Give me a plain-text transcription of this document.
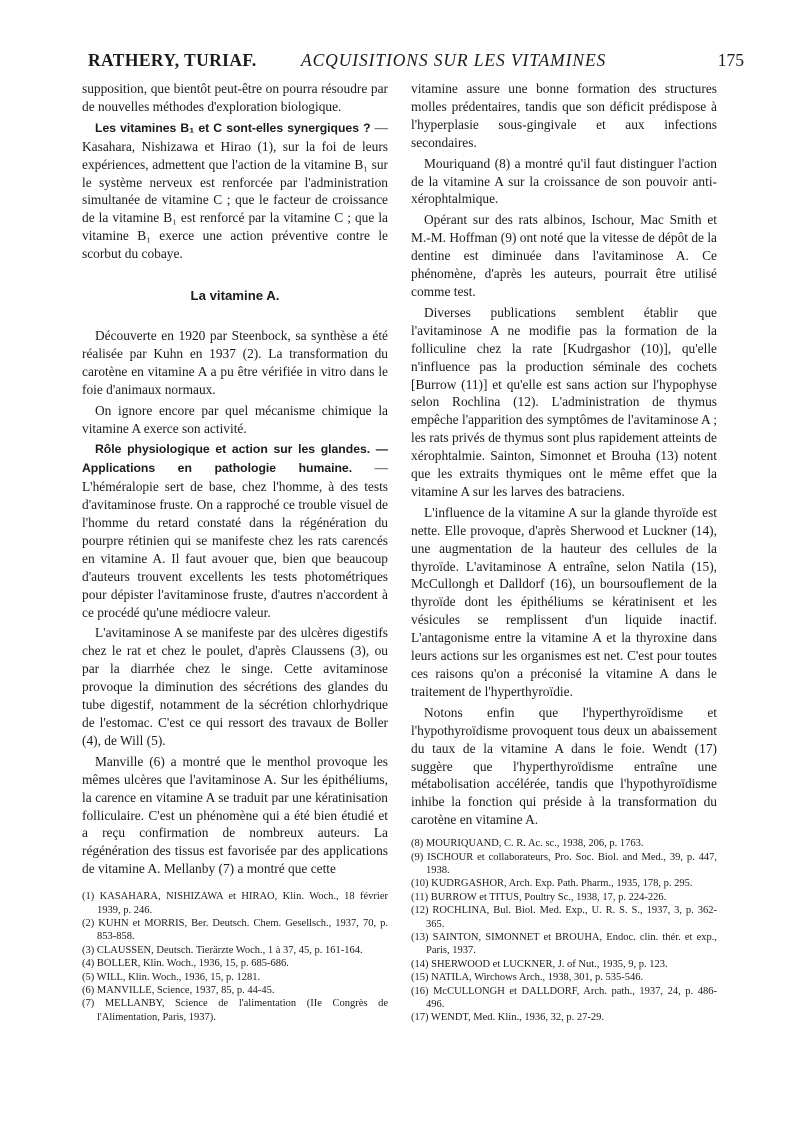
RATHERY, TURIAF.	ACQUISITIONS SUR LES VITAMINES	175

supposition, que bientôt peut-être on pourra résoudre par de nouvelles méthodes d'exploration biologique.

Les vitamines B₁ et C sont-elles synergiques ? — Kasahara, Nishizawa et Hirao (1), sur la foi de leurs expériences, admettent que l'action de la vitamine B₁ sur le système nerveux est renforcée par l'administration simultanée de vitamine C ; que le facteur de croissance de la vitamine B₁ est renforcé par la vitamine C ; que la vitamine B₁ exerce une action préventive contre le scorbut du cobaye.

La vitamine A.

Découverte en 1920 par Steenbock, sa synthèse a été réalisée par Kuhn en 1937 (2). La transformation du carotène en vitamine A a pu être vérifiée in vitro dans le foie d'animaux normaux.

On ignore encore par quel mécanisme chimique la vitamine A exerce son activité.

Rôle physiologique et action sur les glandes. — Applications en pathologie humaine. — L'héméralopie sert de base, chez l'homme, à des tests d'avitaminose fruste. On a rapproché ce trouble visuel de l'homme du retard constaté dans la régénération du pourpre rétinien qui se manifeste chez les rats carencés en vitamine A. Il faut avouer que, bien que beaucoup d'auteurs trouvent excellents les tests photométriques pour dépister l'avitaminose fruste, d'autres n'accordent à ce procédé qu'une médiocre valeur.

L'avitaminose A se manifeste par des ulcères digestifs chez le rat et chez le poulet, d'après Claussens (3), ou par la diarrhée chez le singe. Cette avitaminose provoque la diminution des sécrétions des glandes du tube digestif, notamment de la sécrétion chlorhydrique de l'estomac. C'est ce qui ressort des travaux de Boller (4), de Will (5).

Manville (6) a montré que le menthol provoque les mêmes ulcères que l'avitaminose A. Sur les épithéliums, la carence en vitamine A se traduit par une kératinisation folliculaire. C'est un phénomène qui a été bien étudié et a reçu confirmation de nombreux auteurs. La régénération des tissus est favorisée par des applications de vitamine A. Mellanby (7) a montré que cette

(1) KASAHARA, NISHIZAWA et HIRAO, Klin. Woch., 18 février 1939, p. 246.
(2) KUHN et MORRIS, Ber. Deutsch. Chem. Gesellsch., 1937, 70, p. 853-858.
(3) CLAUSSEN, Deutsch. Tierärzte Woch., 1 à 37, 45, p. 161-164.
(4) BOLLER, Klin. Woch., 1936, 15, p. 685-686.
(5) WILL, Klin. Woch., 1936, 15, p. 1281.
(6) MANVILLE, Science, 1937, 85, p. 44-45.
(7) MELLANBY, Science de l'alimentation (IIe Congrès de l'Alimentation, Paris, 1937).

vitamine assure une bonne formation des structures molles prédentaires, tandis que son déficit prédispose à l'hyperplasie sous-gingivale et aux infections secondaires.

Mouriquand (8) a montré qu'il faut distinguer l'action de la vitamine A sur la croissance de son pouvoir anti-xérophtalmique.

Opérant sur des rats albinos, Ischour, Mac Smith et M.-M. Hoffman (9) ont noté que la vitesse de dépôt de la dentine est diminuée dans l'avitaminose A. Ce phénomène, d'après les auteurs, pourrait être utilisé comme test.

Diverses publications semblent établir que l'avitaminose A ne modifie pas la formation de la folliculine chez la rate [Kudrgashor (10)], qu'elle n'influence pas la production séminale des cochets [Burrow (11)] et qu'elle est sans action sur l'hypophyse selon Rochlina (12). L'administration de thymus empêche l'apparition des symptômes de l'avitaminose A ; les rats privés de thymus sont plus rapidement atteints de xérophtalmie. Sainton, Simonnet et Brouha (13) notent que les extraits thymiques ont le même effet que la vitamine A sur les larves des batraciens.

L'influence de la vitamine A sur la glande thyroïde est nette. Elle provoque, d'après Sherwood et Luckner (14), une augmentation de la hauteur des cellules de la thyroïde. L'avitaminose A entraîne, selon Natila (15), McCullongh et Dalldorf (16), un boursouflement de la thyroïde dont les épithéliums se kératinisent et les vésicules se remplissent d'un liquide inactif. L'antagonisme entre la vitamine A et la thyroxine dans leurs actions sur les organismes est net. C'est pour toutes ces raisons qu'on a préconisé la vitamine A dans le traitement de l'hyperthyroïdie.

Notons enfin que l'hyperthyroïdisme et l'hypothyroïdisme provoquent tous deux un abaissement du taux de la vitamine A dans le foie. Wendt (17) suggère que l'hyperthyroïdisme entraîne une métabolisation accélérée, tandis que l'hypothyroïdisme inhibe la fonction qui préside à la transformation du carotène en vitamine A.

(8) MOURIQUAND, C. R. Ac. sc., 1938, 206, p. 1763.
(9) ISCHOUR et collaborateurs, Pro. Soc. Biol. and Med., 39, p. 447, 1938.
(10) KUDRGASHOR, Arch. Exp. Path. Pharm., 1935, 178, p. 295.
(11) BURROW et TITUS, Poultry Sc., 1938, 17, p. 224-226.
(12) ROCHLINA, Bul. Biol. Med. Exp., U. R. S. S., 1937, 3, p. 362-365.
(13) SAINTON, SIMONNET et BROUHA, Endoc. clin. thér. et exp., Paris, 1937.
(14) SHERWOOD et LUCKNER, J. of Nut., 1935, 9, p. 123.
(15) NATILA, Wirchows Arch., 1938, 301, p. 535-546.
(16) McCULLONGH et DALLDORF, Arch. path., 1937, 24, p. 486-496.
(17) WENDT, Med. Klin., 1936, 32, p. 27-29.
